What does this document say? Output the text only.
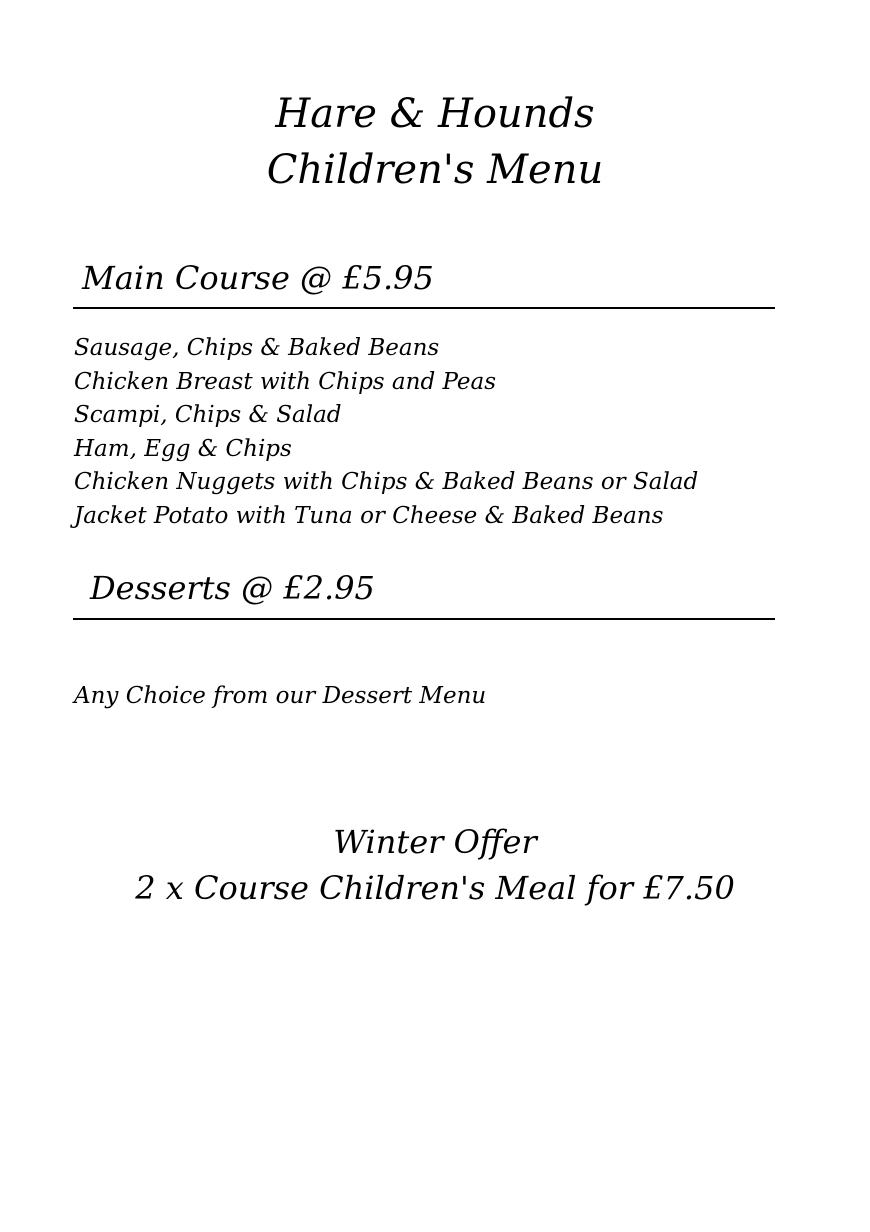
Hare & Hounds
Children's Menu
Main Course @ £5.95
Sausage, Chips & Baked Beans
Chicken Breast with Chips and Peas
Scampi, Chips & Salad
Ham, Egg & Chips
Chicken Nuggets with Chips & Baked Beans or Salad
Jacket Potato with Tuna or Cheese & Baked Beans
Desserts @ £2.95
Any Choice from our Dessert Menu
Winter Offer
2 x Course Children's Meal for £7.50
